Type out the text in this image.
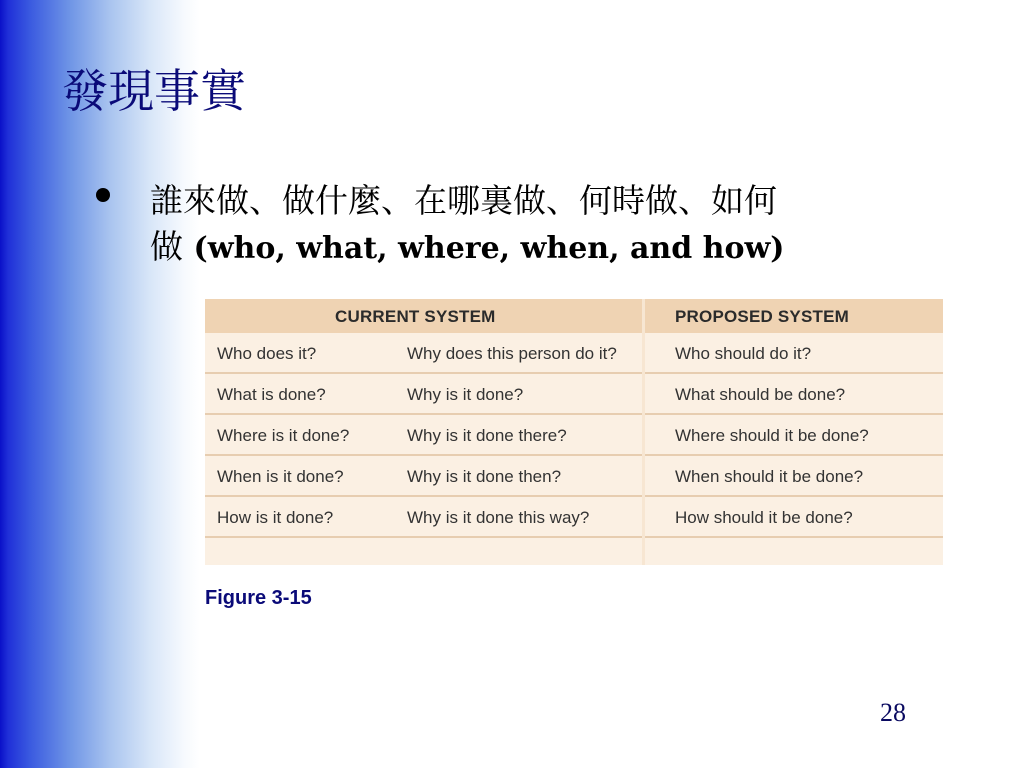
發現事實
誰來做、做什麼、在哪裏做、何時做、如何
做 (who, what, where, when, and how)
CURRENT SYSTEM	PROPOSED SYSTEM
Who does it?	Why does this person do it?	Who should do it?
What is done?	Why is it done?	What should be done?
Where is it done?	Why is it done there?	Where should it be done?
When is it done?	Why is it done then?	When should it be done?
How is it done?	Why is it done this way?	How should it be done?
Figure 3-15
28
